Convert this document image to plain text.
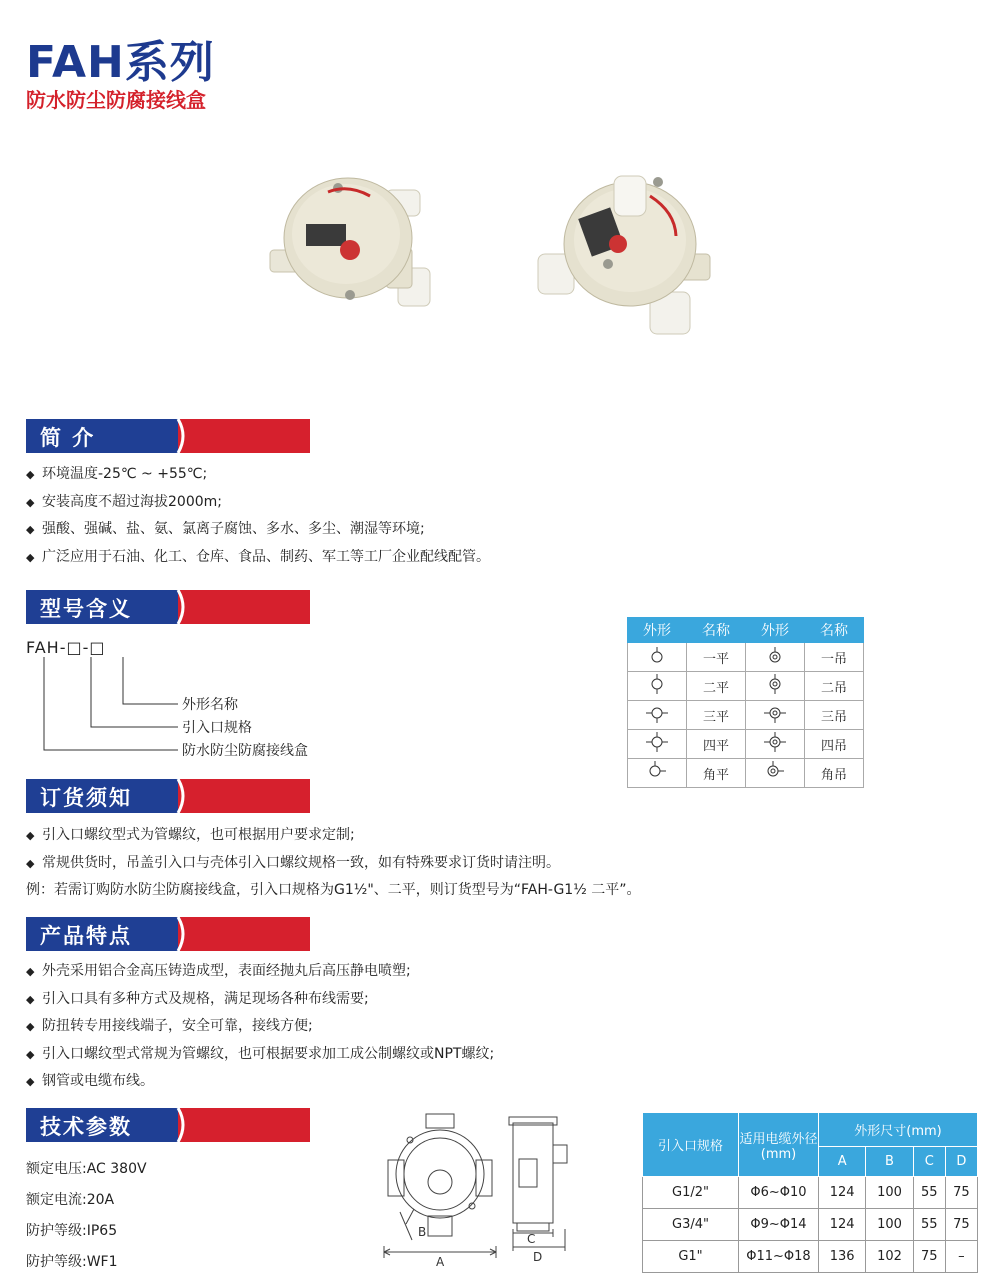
FAH系列
防水防尘防腐接线盒
简 介
◆ 环境温度-25℃ ~ +55℃;
◆ 安装高度不超过海拔2000m;
◆ 强酸、强碱、盐、氨、氯离子腐蚀、多水、多尘、潮湿等环境;
◆ 广泛应用于石油、化工、仓库、食品、制药、军工等工厂企业配线配管。
型号含义
FAH-□-□
外形名称
引入口规格
防水防尘防腐接线盒
外形	名称	外形	名称
	一平		一吊
	二平		二吊
	三平		三吊
	四平		四吊
	角平		角吊
订货须知
◆ 引入口螺纹型式为管螺纹，也可根据用户要求定制;
◆ 常规供货时，吊盖引入口与壳体引入口螺纹规格一致，如有特殊要求订货时请注明。
例：若需订购防水防尘防腐接线盒，引入口规格为G1½"、二平，则订货型号为“FAH-G1½ 二平”。
产品特点
◆ 外壳采用铝合金高压铸造成型，表面经抛丸后高压静电喷塑;
◆ 引入口具有多种方式及规格，满足现场各种布线需要;
◆ 防扭转专用接线端子，安全可靠，接线方便;
◆ 引入口螺纹型式常规为管螺纹，也可根据要求加工成公制螺纹或NPT螺纹;
◆ 钢管或电缆布线。
技术参数
额定电压:AC 380V
额定电流:20A
防护等级:IP65
防护等级:WF1
B
A
C
D
引入口规格	适用电缆外径(mm)	外形尺寸(mm)			
		A	B	C	D
G1/2"	Φ6~Φ10	124	100	55	75
G3/4"	Φ9~Φ14	124	100	55	75
G1"	Φ11~Φ18	136	102	75	–
